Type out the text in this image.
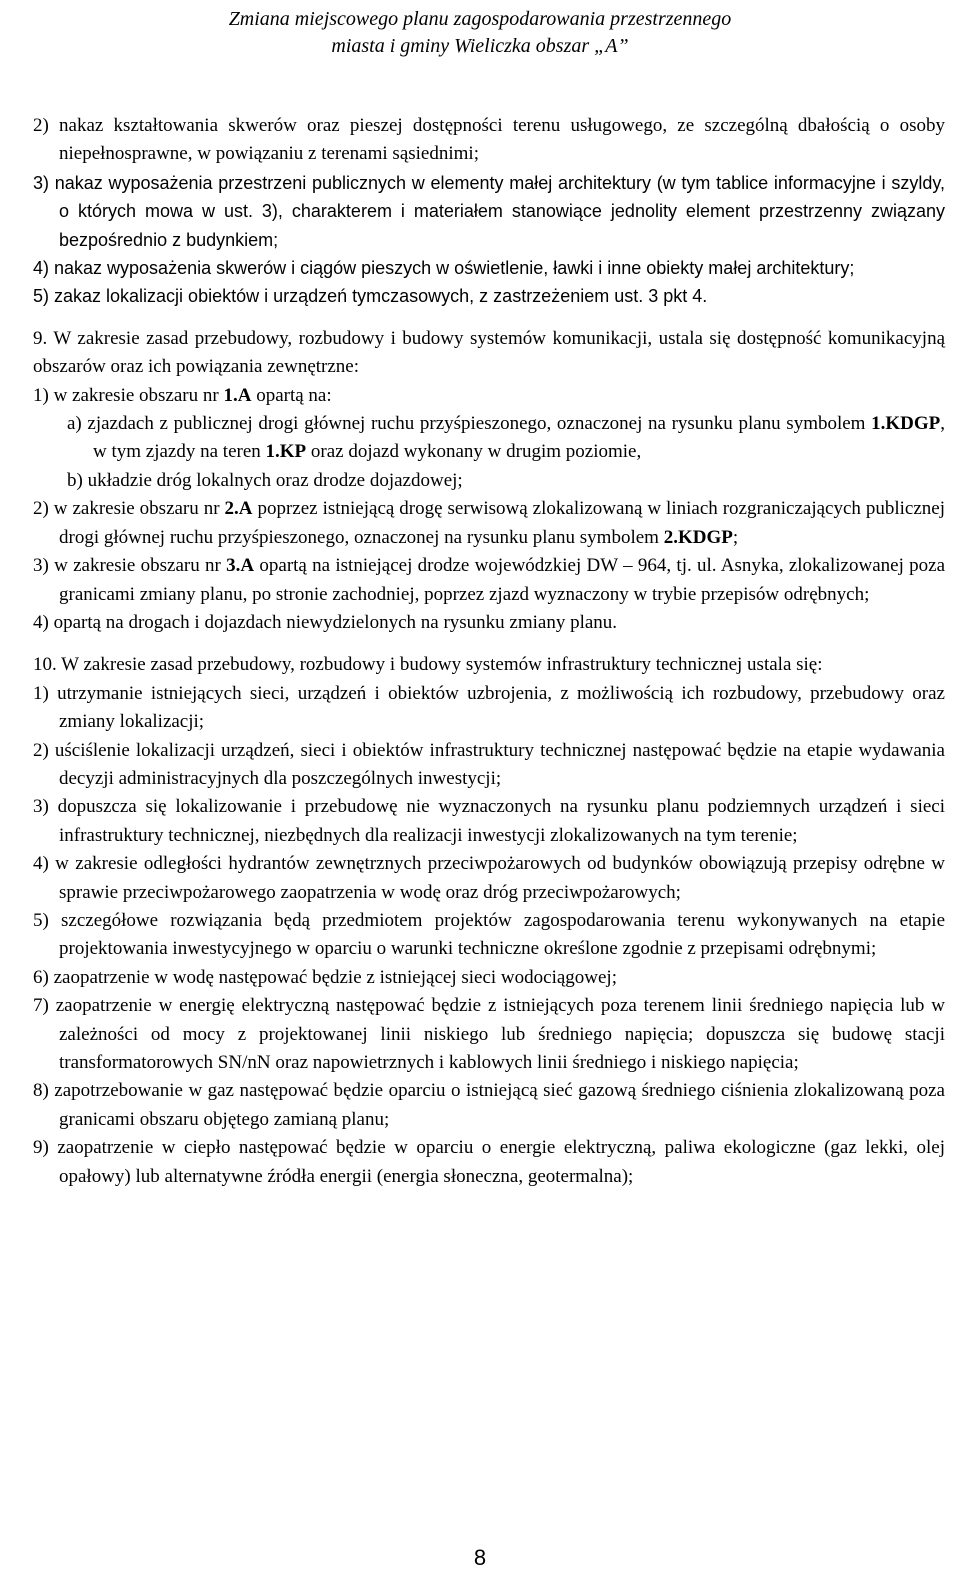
Zmiana miejscowego planu zagospodarowania przestrzennego
miasta i gminy Wieliczka obszar „A”
2) nakaz kształtowania skwerów oraz pieszej dostępności terenu usługowego, ze szczególną dbałością o osoby niepełnosprawne, w powiązaniu z terenami sąsiednimi;
3) nakaz wyposażenia przestrzeni publicznych w elementy małej architektury (w tym tablice informacyjne i szyldy, o których mowa w ust. 3), charakterem i materiałem stanowiące jednolity element przestrzenny związany bezpośrednio z budynkiem;
4) nakaz wyposażenia skwerów i ciągów pieszych w oświetlenie, ławki i inne obiekty małej architektury;
5) zakaz lokalizacji obiektów i urządzeń tymczasowych, z zastrzeżeniem ust. 3 pkt 4.
9. W zakresie zasad przebudowy, rozbudowy i budowy systemów komunikacji, ustala się dostępność komunikacyjną obszarów oraz ich powiązania zewnętrzne:
1) w zakresie obszaru nr 1.A opartą na:
a) zjazdach z publicznej drogi głównej ruchu przyśpieszonego, oznaczonej na rysunku planu symbolem 1.KDGP, w tym zjazdy na teren 1.KP oraz dojazd wykonany w drugim poziomie,
b) układzie dróg lokalnych oraz drodze dojazdowej;
2) w zakresie obszaru nr 2.A poprzez istniejącą drogę serwisową zlokalizowaną w liniach rozgraniczających publicznej drogi głównej ruchu przyśpieszonego, oznaczonej na rysunku planu symbolem 2.KDGP;
3) w zakresie obszaru nr 3.A opartą na istniejącej drodze wojewódzkiej DW – 964, tj. ul. Asnyka, zlokalizowanej poza granicami zmiany planu, po stronie zachodniej, poprzez zjazd wyznaczony w trybie przepisów odrębnych;
4) opartą na drogach i dojazdach niewydzielonych na rysunku zmiany planu.
10. W zakresie zasad przebudowy, rozbudowy i budowy systemów infrastruktury technicznej ustala się:
1) utrzymanie istniejących sieci, urządzeń i obiektów uzbrojenia, z możliwością ich rozbudowy, przebudowy oraz zmiany lokalizacji;
2) uściślenie lokalizacji urządzeń, sieci i obiektów infrastruktury technicznej następować będzie na etapie wydawania decyzji administracyjnych dla poszczególnych inwestycji;
3) dopuszcza się lokalizowanie i przebudowę nie wyznaczonych na rysunku planu podziemnych urządzeń i sieci infrastruktury technicznej, niezbędnych dla realizacji inwestycji zlokalizowanych na tym terenie;
4) w zakresie odległości hydrantów zewnętrznych przeciwpożarowych od budynków obowiązują przepisy odrębne w sprawie przeciwpożarowego zaopatrzenia w wodę oraz dróg przeciwpożarowych;
5) szczegółowe rozwiązania będą przedmiotem projektów zagospodarowania terenu wykonywanych na etapie projektowania inwestycyjnego w oparciu o warunki techniczne określone zgodnie z przepisami odrębnymi;
6) zaopatrzenie w wodę następować będzie z istniejącej sieci wodociągowej;
7) zaopatrzenie w energię elektryczną następować będzie z istniejących poza terenem linii średniego napięcia lub w zależności od mocy z projektowanej linii niskiego lub średniego napięcia; dopuszcza się budowę stacji transformatorowych SN/nN oraz napowietrznych i kablowych linii średniego i niskiego napięcia;
8) zapotrzebowanie w gaz następować będzie oparciu o istniejącą sieć gazową średniego ciśnienia zlokalizowaną poza granicami obszaru objętego zamianą planu;
9) zaopatrzenie w ciepło następować będzie w oparciu o energie elektryczną, paliwa ekologiczne (gaz lekki, olej opałowy) lub alternatywne źródła energii (energia słoneczna, geotermalna);
8
